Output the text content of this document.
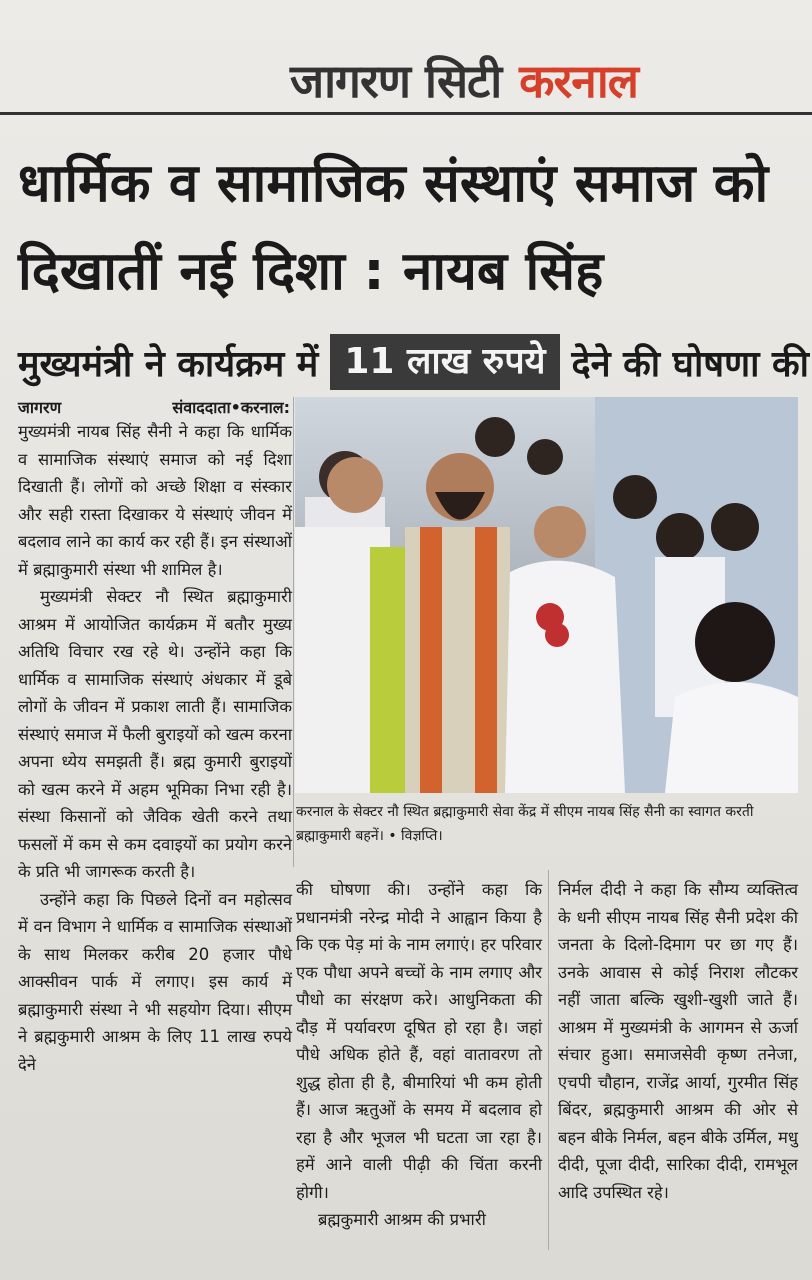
जागरण सिटी करनाल
धार्मिक व सामाजिक संस्थाएं समाज को दिखातीं नई दिशा : नायब सिंह
मुख्यमंत्री ने कार्यक्रम में 11 लाख रुपये देने की घोषणा की
जागरण	संवाददाता•करनाल:

मुख्यमंत्री नायब सिंह सैनी ने कहा कि धार्मिक व सामाजिक संस्थाएं समाज को नई दिशा दिखाती हैं। लोगों को अच्छे शिक्षा व संस्कार और सही रास्ता दिखाकर ये संस्थाएं जीवन में बदलाव लाने का कार्य कर रही हैं। इन संस्थाओं में ब्रह्माकुमारी संस्था भी शामिल है।

मुख्यमंत्री सेक्टर नौ स्थित ब्रह्माकुमारी आश्रम में आयोजित कार्यक्रम में बतौर मुख्य अतिथि विचार रख रहे थे। उन्होंने कहा कि धार्मिक व सामाजिक संस्थाएं अंधकार में डूबे लोगों के जीवन में प्रकाश लाती हैं। सामाजिक संस्थाएं समाज में फैली बुराइयों को खत्म करना अपना ध्येय समझती हैं। ब्रह्म कुमारी बुराइयों को खत्म करने में अहम भूमिका निभा रही है। संस्था किसानों को जैविक खेती करने तथा फसलों में कम से कम दवाइयों का प्रयोग करने के प्रति भी जागरूक करती है।

उन्होंने कहा कि पिछले दिनों वन महोत्सव में वन विभाग ने धार्मिक व सामाजिक संस्थाओं के साथ मिलकर करीब 20 हजार पौधे आक्सीवन पार्क में लगाए। इस कार्य में ब्रह्माकुमारी संस्था ने भी सहयोग दिया। सीएम ने ब्रह्मकुमारी आश्रम के लिए 11 लाख रुपये देने

करनाल के सेक्टर नौ स्थित ब्रह्माकुमारी सेवा केंद्र में सीएम नायब सिंह सैनी का स्वागत करती ब्रह्माकुमारी बहनें। • विज्ञप्ति।

की घोषणा की। उन्होंने कहा कि प्रधानमंत्री नरेन्द्र मोदी ने आह्वान किया है कि एक पेड़ मां के नाम लगाएं। हर परिवार एक पौधा अपने बच्चों के नाम लगाए और पौधो का संरक्षण करे। आधुनिकता की दौड़ में पर्यावरण दूषित हो रहा है। जहां पौधे अधिक होते हैं, वहां वातावरण तो शुद्ध होता ही है, बीमारियां भी कम होती हैं। आज ऋतुओं के समय में बदलाव हो रहा है और भूजल भी घटता जा रहा है। हमें आने वाली पीढ़ी की चिंता करनी होगी।

ब्रह्मकुमारी आश्रम की प्रभारी

निर्मल दीदी ने कहा कि सौम्य व्यक्तित्व के धनी सीएम नायब सिंह सैनी प्रदेश की जनता के दिलो-दिमाग पर छा गए हैं। उनके आवास से कोई निराश लौटकर नहीं जाता बल्कि खुशी-खुशी जाते हैं। आश्रम में मुख्यमंत्री के आगमन से ऊर्जा संचार हुआ। समाजसेवी कृष्ण तनेजा, एचपी चौहान, राजेंद्र आर्या, गुरमीत सिंह बिंदर, ब्रह्मकुमारी आश्रम की ओर से बहन बीके निर्मल, बहन बीके उर्मिल, मधु दीदी, पूजा दीदी, सारिका दीदी, रामभूल आदि उपस्थित रहे।
